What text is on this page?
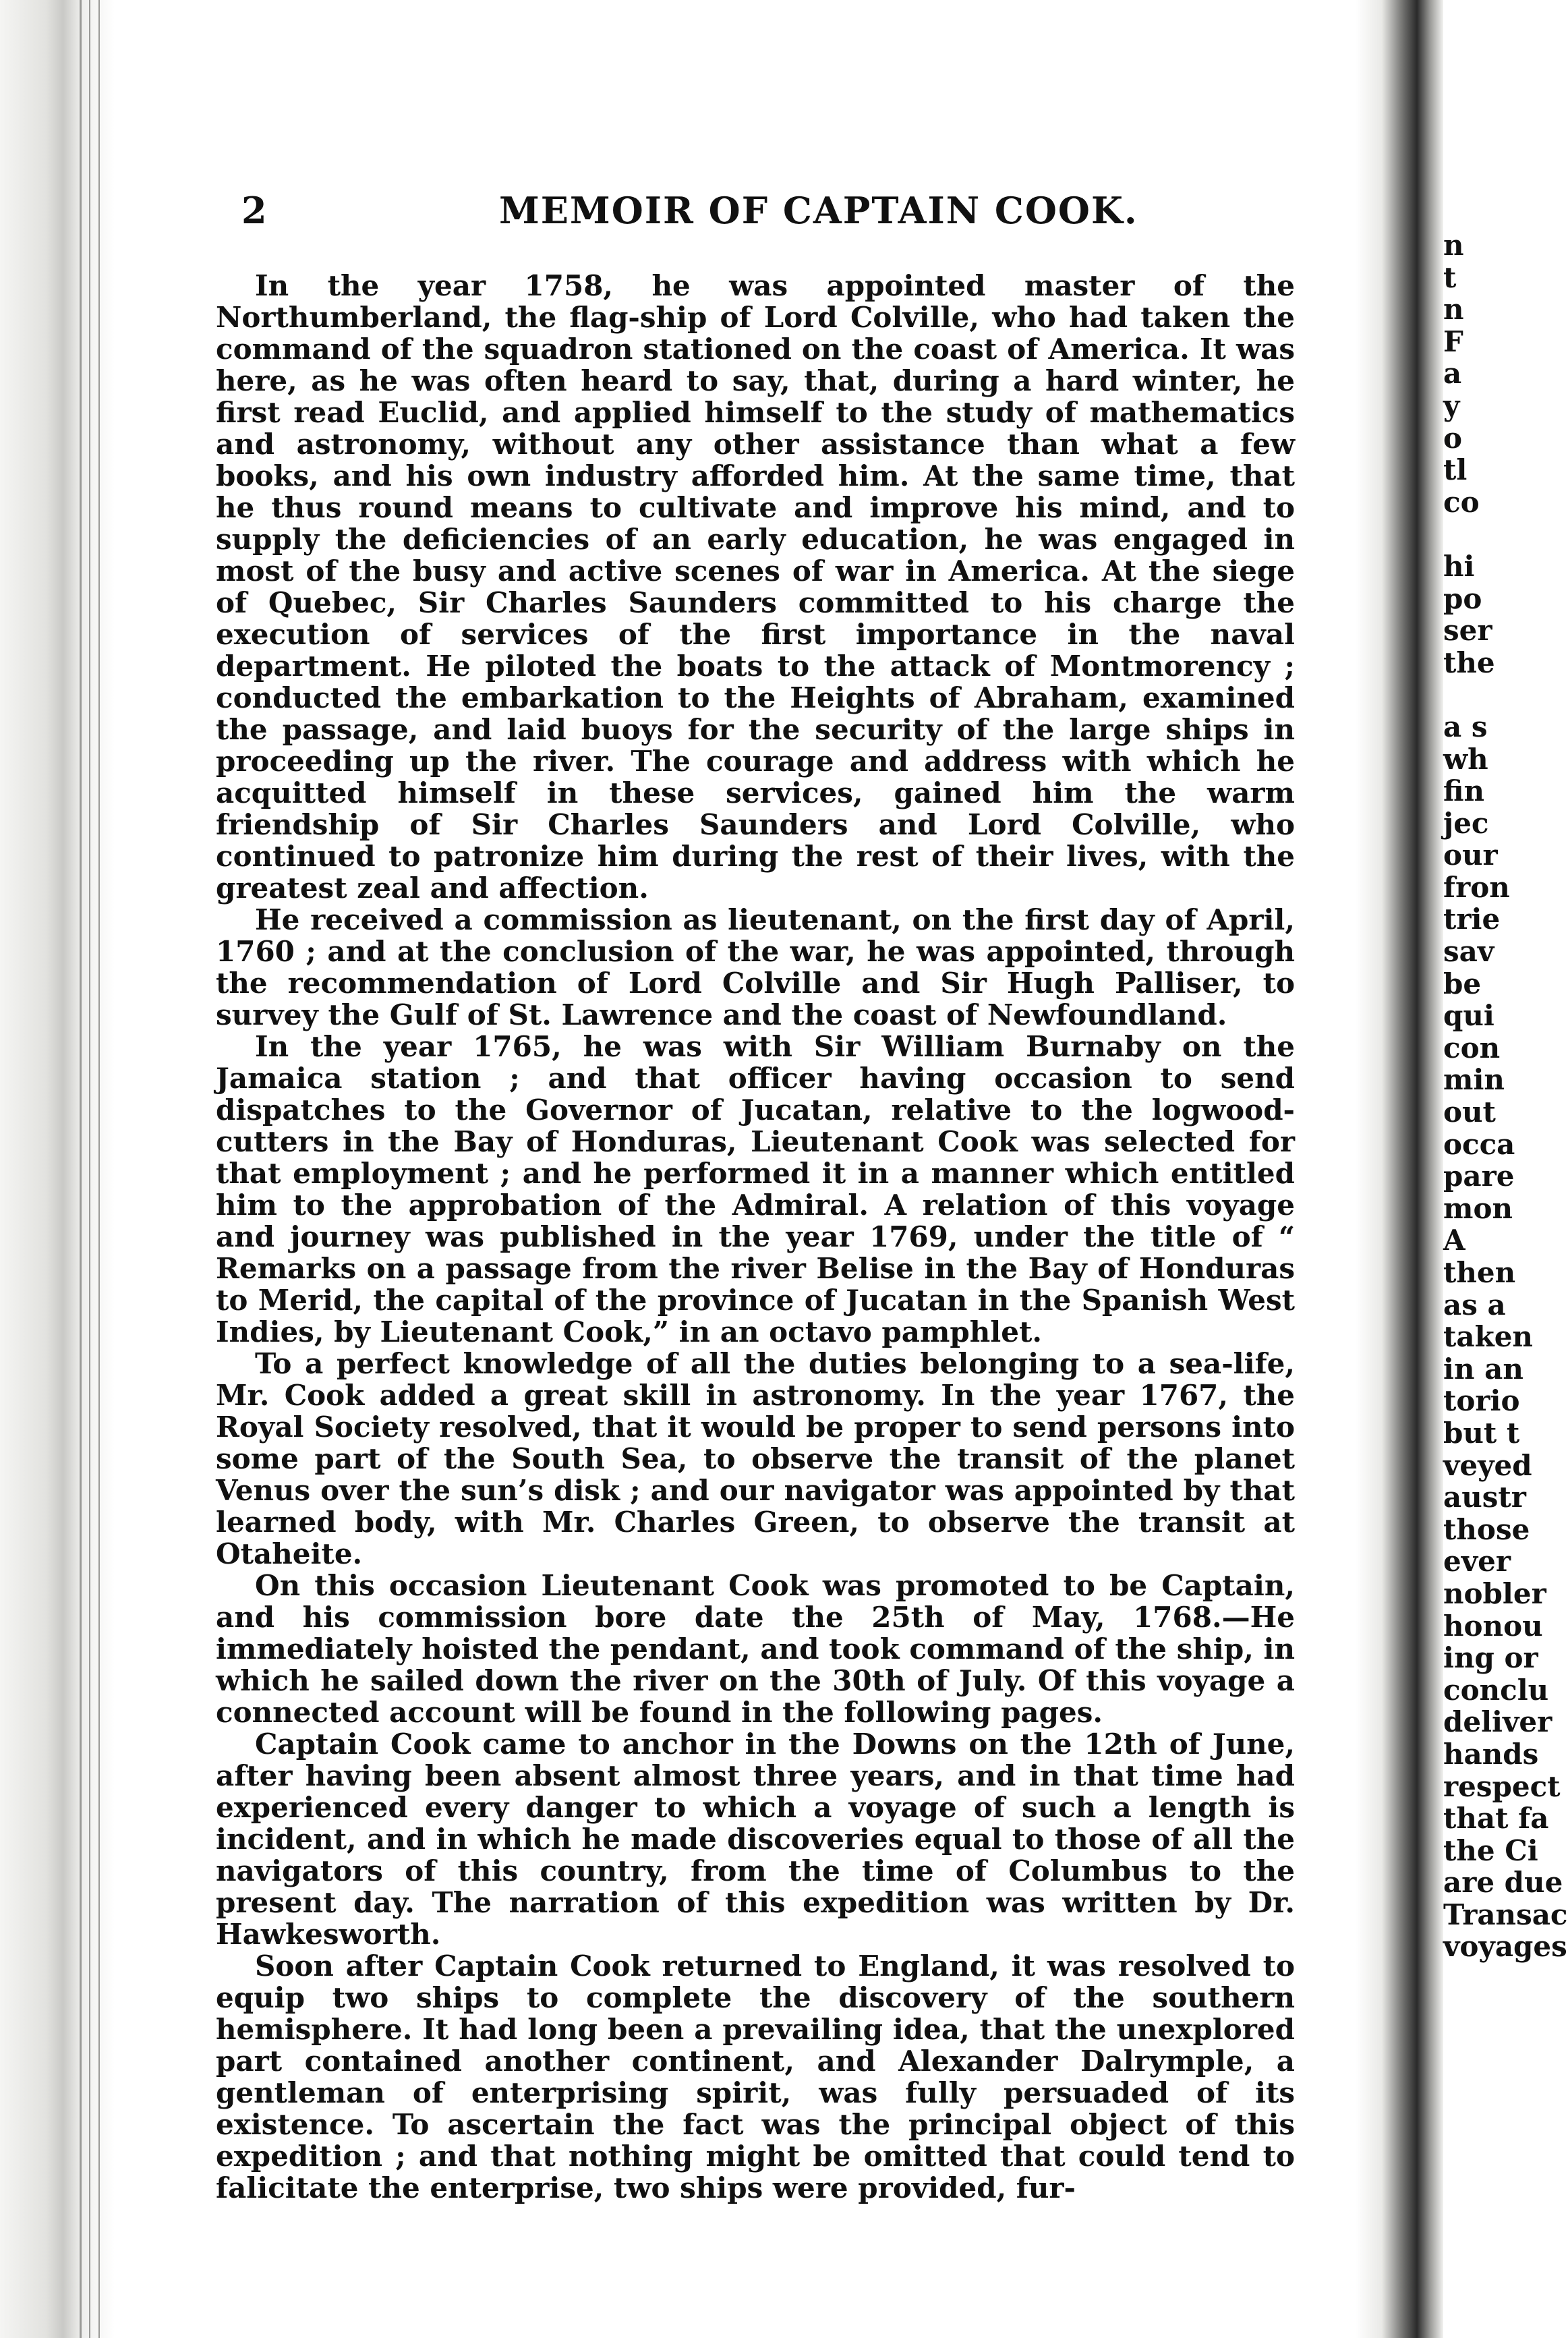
2	MEMOIR OF CAPTAIN COOK.

In the year 1758, he was appointed master of the Northumberland, the flag-ship of Lord Colville, who had taken the command of the squadron stationed on the coast of America. It was here, as he was often heard to say, that, during a hard winter, he first read Euclid, and applied himself to the study of mathematics and astronomy, without any other assistance than what a few books, and his own industry afforded him. At the same time, that he thus round means to cultivate and improve his mind, and to supply the deficiencies of an early education, he was engaged in most of the busy and active scenes of war in America. At the siege of Quebec, Sir Charles Saunders committed to his charge the execution of services of the first importance in the naval department. He piloted the boats to the attack of Montmorency ; conducted the embarkation to the Heights of Abraham, examined the passage, and laid buoys for the security of the large ships in proceeding up the river. The courage and address with which he acquitted himself in these services, gained him the warm friendship of Sir Charles Saunders and Lord Colville, who continued to patronize him during the rest of their lives, with the greatest zeal and affection.

He received a commission as lieutenant, on the first day of April, 1760 ; and at the conclusion of the war, he was appointed, through the recommendation of Lord Colville and Sir Hugh Palliser, to survey the Gulf of St. Lawrence and the coast of Newfoundland.

In the year 1765, he was with Sir William Burnaby on the Jamaica station ; and that officer having occasion to send dispatches to the Governor of Jucatan, relative to the logwood-cutters in the Bay of Honduras, Lieutenant Cook was selected for that employment ; and he performed it in a manner which entitled him to the approbation of the Admiral. A relation of this voyage and journey was published in the year 1769, under the title of “ Remarks on a passage from the river Belise in the Bay of Honduras to Merid, the capital of the province of Jucatan in the Spanish West Indies, by Lieutenant Cook,” in an octavo pamphlet.

To a perfect knowledge of all the duties belonging to a sea-life, Mr. Cook added a great skill in astronomy. In the year 1767, the Royal Society resolved, that it would be proper to send persons into some part of the South Sea, to observe the transit of the planet Venus over the sun’s disk ; and our navigator was appointed by that learned body, with Mr. Charles Green, to observe the transit at Otaheite.

On this occasion Lieutenant Cook was promoted to be Captain, and his commission bore date the 25th of May, 1768.—He immediately hoisted the pendant, and took command of the ship, in which he sailed down the river on the 30th of July. Of this voyage a connected account will be found in the following pages.

Captain Cook came to anchor in the Downs on the 12th of June, after having been absent almost three years, and in that time had experienced every danger to which a voyage of such a length is incident, and in which he made discoveries equal to those of all the navigators of this country, from the time of Columbus to the present day. The narration of this expedition was written by Dr. Hawkesworth.

Soon after Captain Cook returned to England, it was resolved to equip two ships to complete the discovery of the southern hemisphere. It had long been a prevailing idea, that the unexplored part contained another continent, and Alexander Dalrymple, a gentleman of enterprising spirit, was fully persuaded of its existence. To ascertain the fact was the principal object of this expedition ; and that nothing might be omitted that could tend to falicitate the enterprise, two ships were provided, fur-

n
t
n
F
a
y
o
tl
co
hi
po
ser
the
a s
wh
fin
jec
our
fron
trie
sav
be
qui
con
min
out
occa
pare
mon
A
then
as a
taken
in an
torio
but t
veyed
austr
those
ever
nobler
honou
ing or
conclu
deliver
hands
respect
that fa
the Ci
are due
Transac
voyages
